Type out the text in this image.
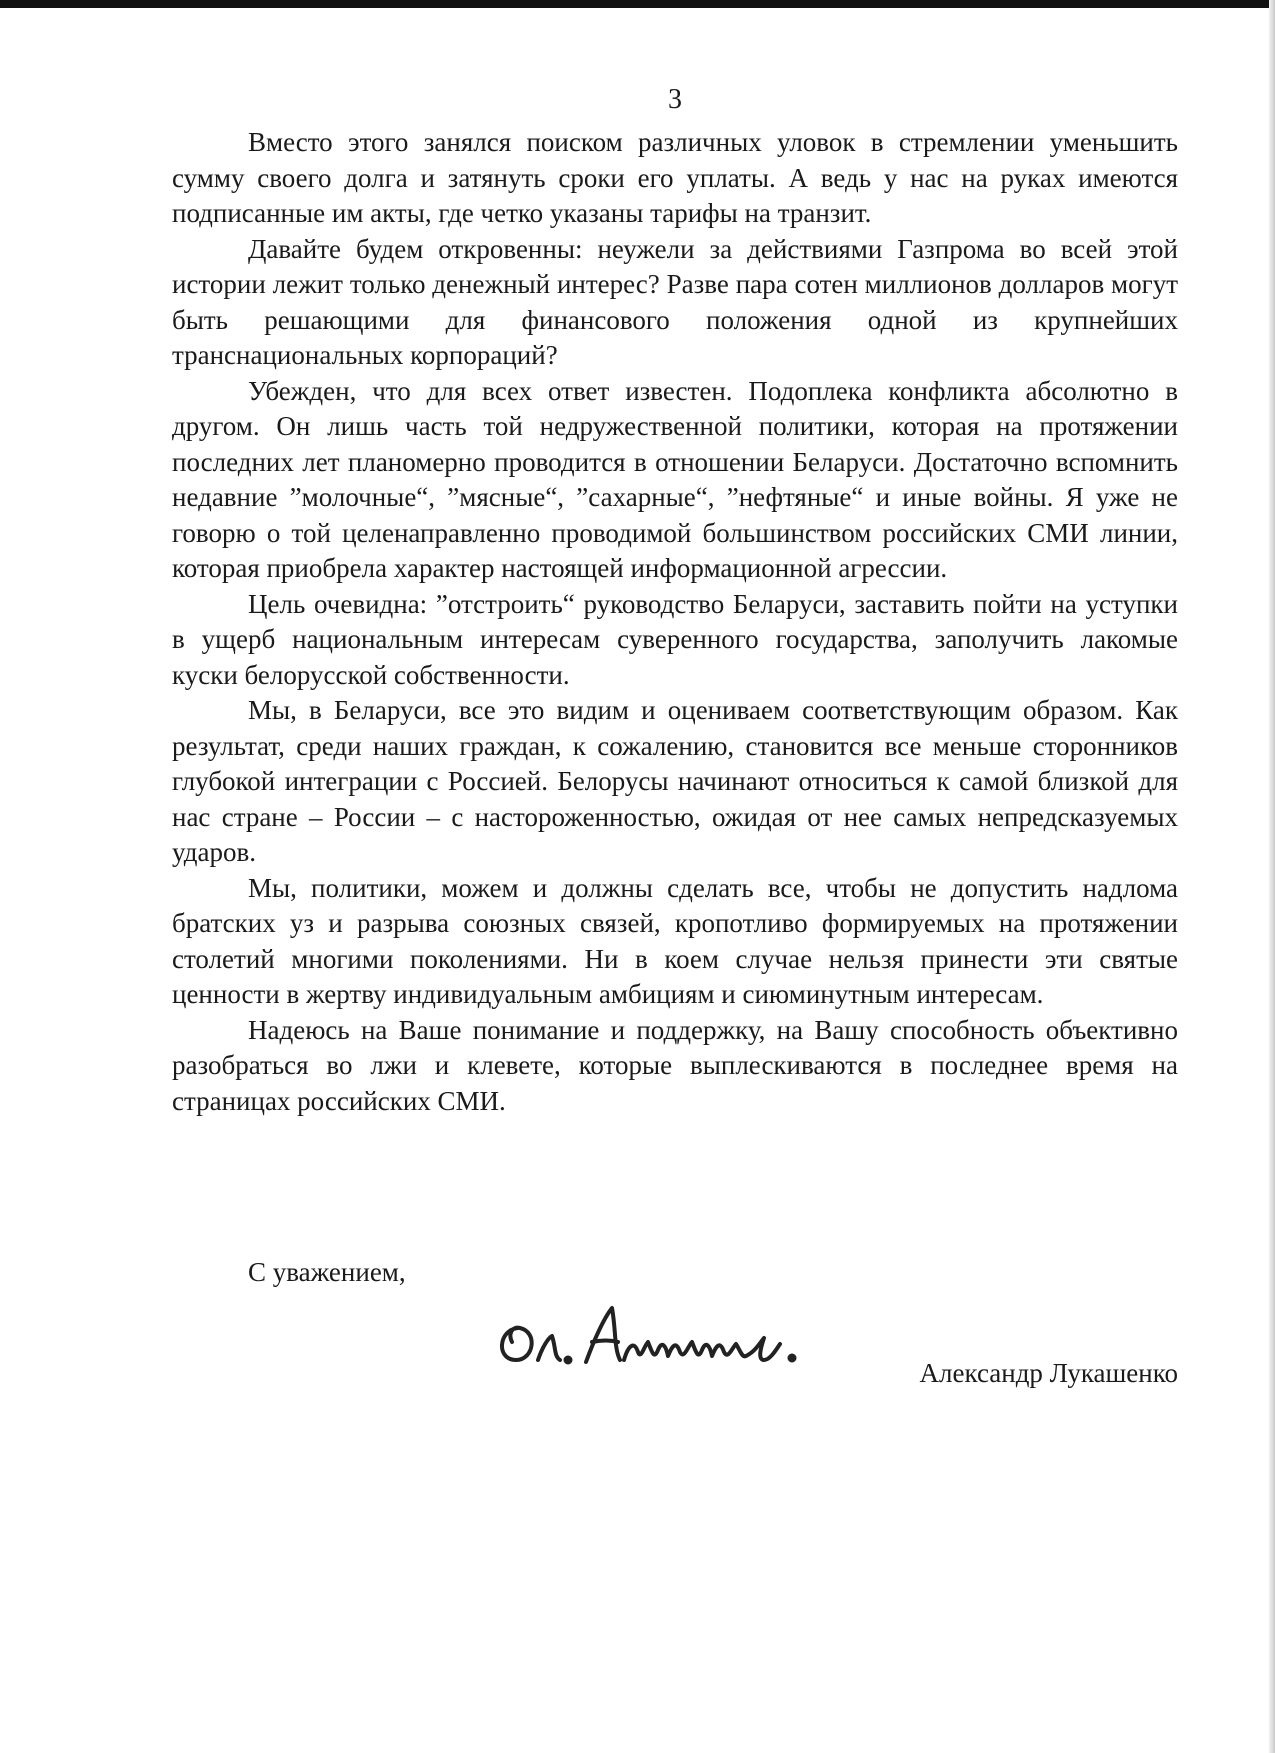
3

Вместо этого занялся поиском различных уловок в стремлении уменьшить сумму своего долга и затянуть сроки его уплаты. А ведь у нас на руках имеются подписанные им акты, где четко указаны тарифы на транзит.

Давайте будем откровенны: неужели за действиями Газпрома во всей этой истории лежит только денежный интерес? Разве пара сотен миллионов долларов могут быть решающими для финансового положения одной из крупнейших транснациональных корпораций?

Убежден, что для всех ответ известен. Подоплека конфликта абсолютно в другом. Он лишь часть той недружественной политики, которая на протяжении последних лет планомерно проводится в отношении Беларуси. Достаточно вспомнить недавние ”молочные“, ”мясные“, ”сахарные“, ”нефтяные“ и иные войны. Я уже не говорю о той целенаправленно проводимой большинством российских СМИ линии, которая приобрела характер настоящей информационной агрессии.

Цель очевидна: ”отстроить“ руководство Беларуси, заставить пойти на уступки в ущерб национальным интересам суверенного государства, заполучить лакомые куски белорусской собственности.

Мы, в Беларуси, все это видим и оцениваем соответствующим образом. Как результат, среди наших граждан, к сожалению, становится все меньше сторонников глубокой интеграции с Россией. Белорусы начинают относиться к самой близкой для нас стране – России – с настороженностью, ожидая от нее самых непредсказуемых ударов.

Мы, политики, можем и должны сделать все, чтобы не допустить надлома братских уз и разрыва союзных связей, кропотливо формируемых на протяжении столетий многими поколениями. Ни в коем случае нельзя принести эти святые ценности в жертву индивидуальным амбициям и сиюминутным интересам.

Надеюсь на Ваше понимание и поддержку, на Вашу способность объективно разобраться во лжи и клевете, которые выплескиваются в последнее время на страницах российских СМИ.

С уважением,
Александр Лукашенко
